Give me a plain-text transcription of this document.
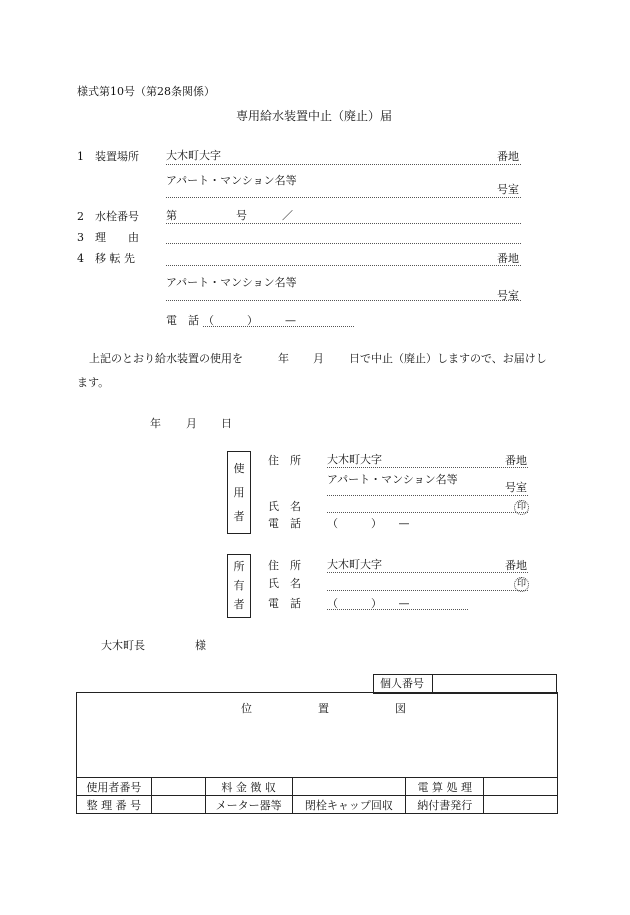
様式第10号（第28条関係）
専用給水装置中止（廃止）届
1 装置場所 大木町大字	番地
アパート・マンション名等
号室
2 水栓番号 第	号	／
3 理　　由
4 移 転 先	番地
アパート・マンション名等
号室
電　話 （　　　） —
上記のとおり給水装置の使用を	年 月 日で中止（廃止）しますので、お届けし
ます。
年 月 日
使
用
者
住　所 大木町大字	番地
アパート・マンション名等
号室
氏　名	印
電　話 （　　　）　　—
所
有
者
住　所 大木町大字	番地
氏　名	印
電　話 （　　　）　　—
大木町長	様
個人番号
位　　　　　　置　　　　　　図
使用者番号		料 金 徴 収		電 算 処 理	
整 理 番 号		メーター器等	閉栓キャップ回収	納付書発行	
